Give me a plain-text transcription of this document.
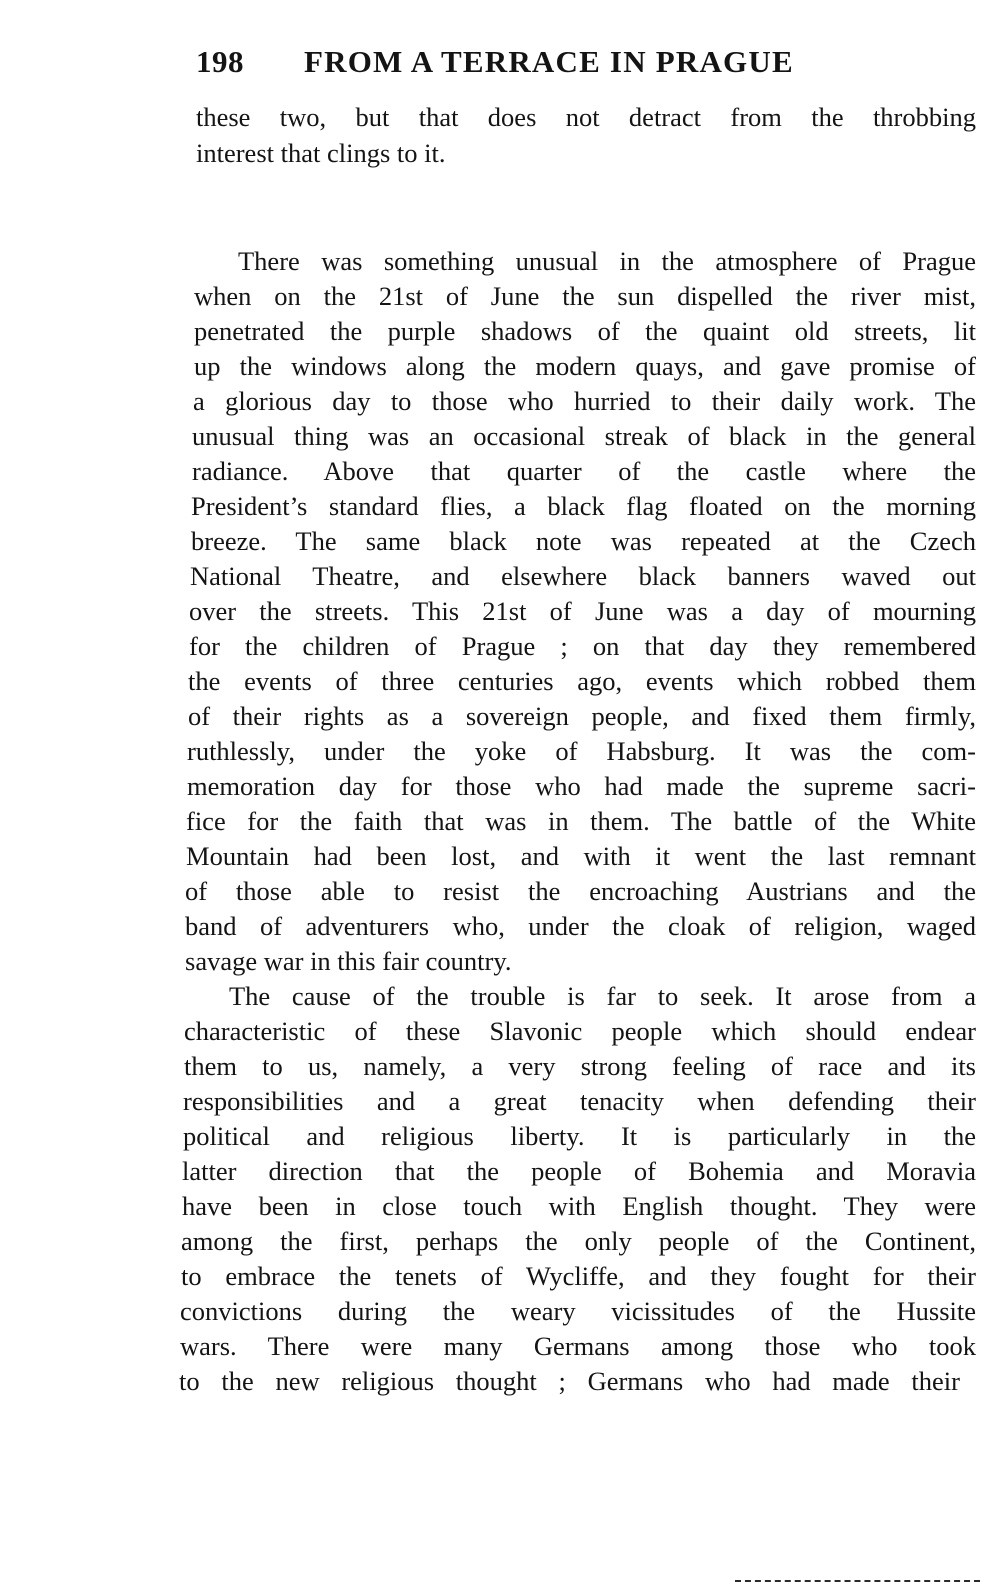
198 FROM A TERRACE IN PRAGUE
these two, but that does not detract from the throbbing
interest that clings to it.
There was something unusual in the atmosphere of Prague
when on the 21st of June the sun dispelled the river mist,
penetrated the purple shadows of the quaint old streets, lit
up the windows along the modern quays, and gave promise of
a glorious day to those who hurried to their daily work. The
unusual thing was an occasional streak of black in the general
radiance. Above that quarter of the castle where the
President’s standard flies, a black flag floated on the morning
breeze. The same black note was repeated at the Czech
National Theatre, and elsewhere black banners waved out
over the streets. This 21st of June was a day of mourning
for the children of Prague ; on that day they remembered
the events of three centuries ago, events which robbed them
of their rights as a sovereign people, and fixed them firmly,
ruthlessly, under the yoke of Habsburg. It was the com-
memoration day for those who had made the supreme sacri-
fice for the faith that was in them. The battle of the White
Mountain had been lost, and with it went the last remnant
of those able to resist the encroaching Austrians and the
band of adventurers who, under the cloak of religion, waged
savage war in this fair country.
The cause of the trouble is far to seek. It arose from a
characteristic of these Slavonic people which should endear
them to us, namely, a very strong feeling of race and its
responsibilities and a great tenacity when defending their
political and religious liberty. It is particularly in the
latter direction that the people of Bohemia and Moravia
have been in close touch with English thought. They were
among the first, perhaps the only people of the Continent,
to embrace the tenets of Wycliffe, and they fought for their
convictions during the weary vicissitudes of the Hussite
wars. There were many Germans among those who took
to the new religious thought ; Germans who had made their
